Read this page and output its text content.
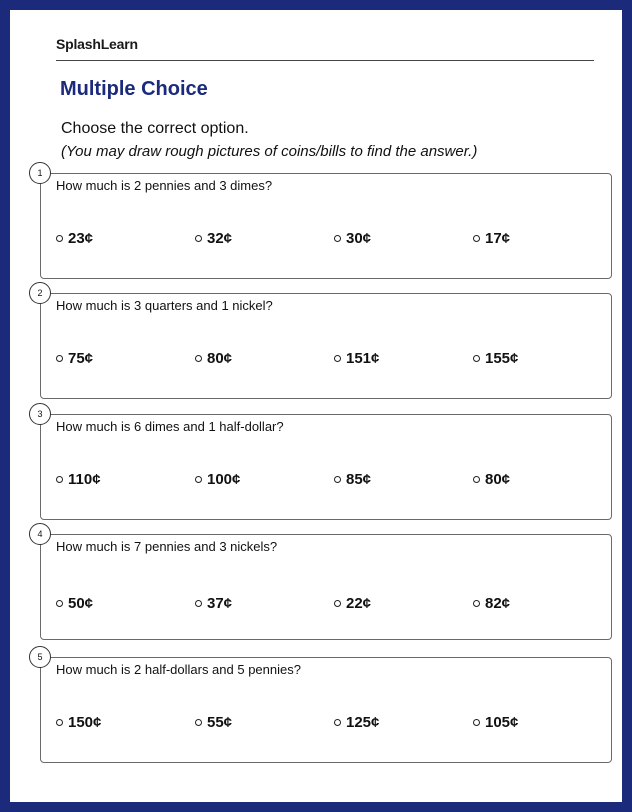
SplashLearn
Multiple Choice
Choose the correct option.
(You may draw rough pictures of coins/bills to find the answer.)
1
How much is 2 pennies and 3 dimes?
23¢	32¢	30¢	17¢
2
How much is 3 quarters and 1 nickel?
75¢	80¢	151¢	155¢
3
How much is 6 dimes and 1 half-dollar?
110¢	100¢	85¢	80¢
4
How much is 7 pennies and 3 nickels?
50¢	37¢	22¢	82¢
5
How much is 2 half-dollars and 5 pennies?
150¢	55¢	125¢	105¢
